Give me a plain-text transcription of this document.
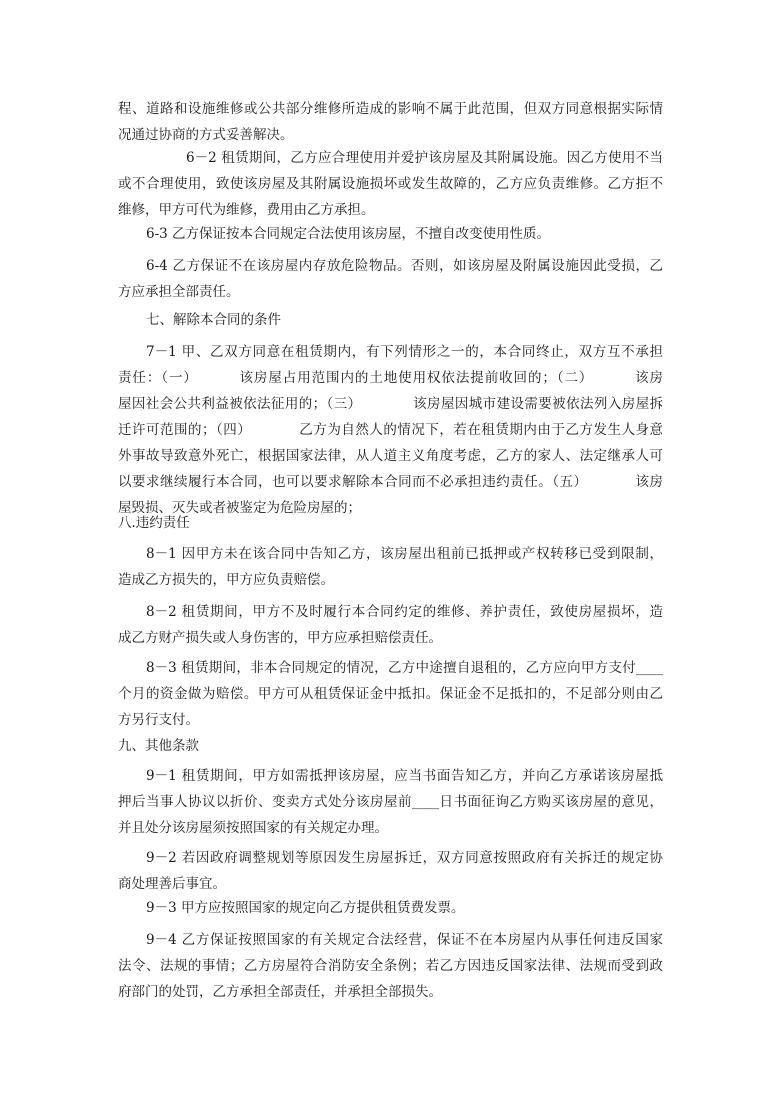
程、道路和设施维修或公共部分维修所造成的影响不属于此范围，但双方同意根据实际情
况通过协商的方式妥善解决。
6－2 租赁期间，乙方应合理使用并爱护该房屋及其附属设施。因乙方使用不当
或不合理使用，致使该房屋及其附属设施损坏或发生故障的，乙方应负责维修。乙方拒不
维修，甲方可代为维修，费用由乙方承担。
6-3 乙方保证按本合同规定合法使用该房屋，不擅自改变使用性质。
6-4 乙方保证不在该房屋内存放危险物品。否则，如该房屋及附属设施因此受损，乙
方应承担全部责任。
七、解除本合同的条件
7－1 甲、乙双方同意在租赁期内，有下列情形之一的，本合同终止，双方互不承担
责任：（一）        该房屋占用范围内的土地使用权依法提前收回的；（二）        该房
屋因社会公共利益被依法征用的；（三）           该房屋因城市建设需要被依法列入房屋拆
迁许可范围的；（四）          乙方为自然人的情况下，若在租赁期内由于乙方发生人身意
外事故导致意外死亡，根据国家法律，从人道主义角度考虑，乙方的家人、法定继承人可
以要求继续履行本合同，也可以要求解除本合同而不必承担违约责任。（五）          该房
屋毁损、灭失或者被鉴定为危险房屋的；
八.违约责任
8－1 因甲方未在该合同中告知乙方，该房屋出租前已抵押或产权转移已受到限制，
造成乙方损失的，甲方应负责赔偿。
8－2 租赁期间，甲方不及时履行本合同约定的维修、养护责任，致使房屋损坏，造
成乙方财产损失或人身伤害的，甲方应承担赔偿责任。
8－3 租赁期间，非本合同规定的情况，乙方中途擅自退租的，乙方应向甲方支付____
个月的资金做为赔偿。甲方可从租赁保证金中抵扣。保证金不足抵扣的，不足部分则由乙
方另行支付。
九、其他条款
9－1 租赁期间，甲方如需抵押该房屋，应当书面告知乙方，并向乙方承诺该房屋抵
押后当事人协议以折价、变卖方式处分该房屋前____日书面征询乙方购买该房屋的意见，
并且处分该房屋须按照国家的有关规定办理。
9－2 若因政府调整规划等原因发生房屋拆迁，双方同意按照政府有关拆迁的规定协
商处理善后事宜。
9－3 甲方应按照国家的规定向乙方提供租赁费发票。
9－4 乙方保证按照国家的有关规定合法经营，保证不在本房屋内从事任何违反国家
法令、法规的事情；乙方房屋符合消防安全条例；若乙方因违反国家法律、法规而受到政
府部门的处罚，乙方承担全部责任，并承担全部损失。
